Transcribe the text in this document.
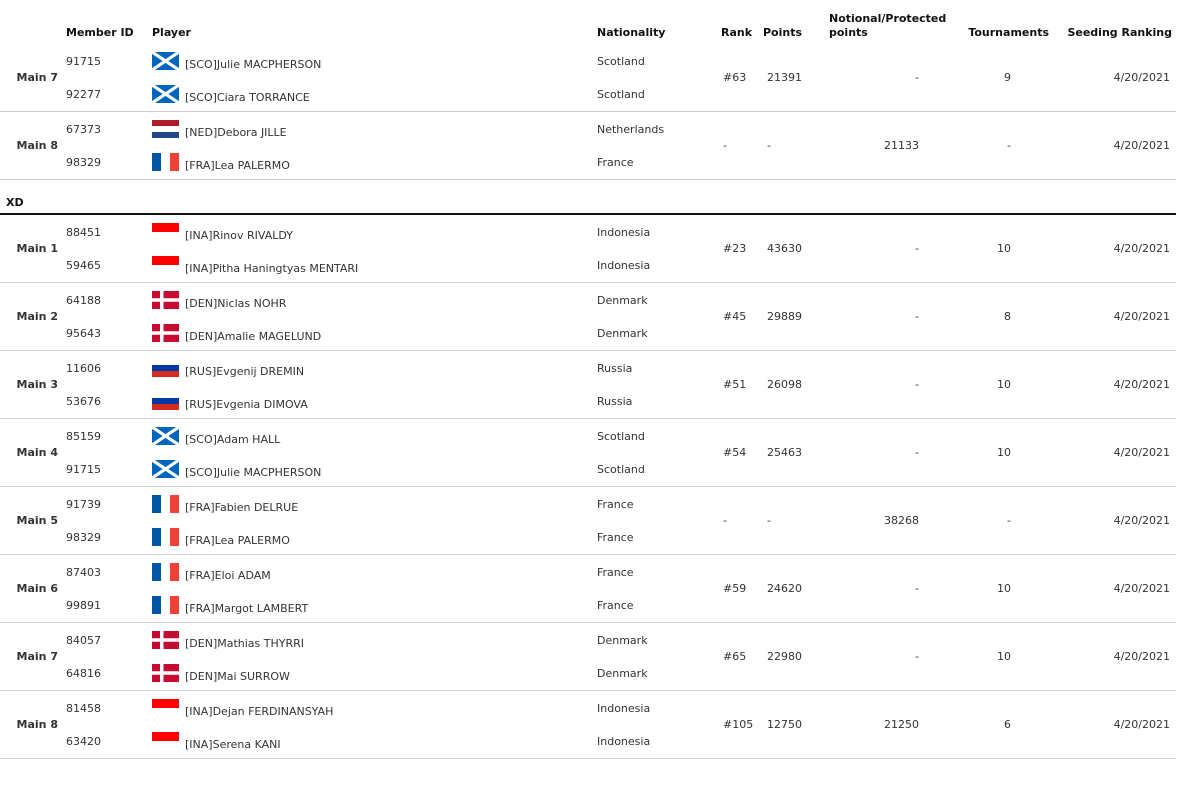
	Member ID	Player	Nationality	Rank	Points	Notional/Protected points	Tournaments	Seeding Ranking
Main 7	91715	[SCO]Julie MACPHERSON	Scotland	#63	21391	-	9	4/20/2021
	92277	[SCO]Ciara TORRANCE	Scotland					
Main 8	67373	[NED]Debora JILLE	Netherlands	-	-	21133	-	4/20/2021
	98329	[FRA]Lea PALERMO	France					
XD								
Main 1	88451	[INA]Rinov RIVALDY	Indonesia	#23	43630	-	10	4/20/2021
	59465	[INA]Pitha Haningtyas MENTARI	Indonesia					
Main 2	64188	[DEN]Niclas NOHR	Denmark	#45	29889	-	8	4/20/2021
	95643	[DEN]Amalie MAGELUND	Denmark					
Main 3	11606	[RUS]Evgenij DREMIN	Russia	#51	26098	-	10	4/20/2021
	53676	[RUS]Evgenia DIMOVA	Russia					
Main 4	85159	[SCO]Adam HALL	Scotland	#54	25463	-	10	4/20/2021
	91715	[SCO]Julie MACPHERSON	Scotland					
Main 5	91739	[FRA]Fabien DELRUE	France	-	-	38268	-	4/20/2021
	98329	[FRA]Lea PALERMO	France					
Main 6	87403	[FRA]Eloi ADAM	France	#59	24620	-	10	4/20/2021
	99891	[FRA]Margot LAMBERT	France					
Main 7	84057	[DEN]Mathias THYRRI	Denmark	#65	22980	-	10	4/20/2021
	64816	[DEN]Mai SURROW	Denmark					
Main 8	81458	[INA]Dejan FERDINANSYAH	Indonesia	#105	12750	21250	6	4/20/2021
	63420	[INA]Serena KANI	Indonesia					
